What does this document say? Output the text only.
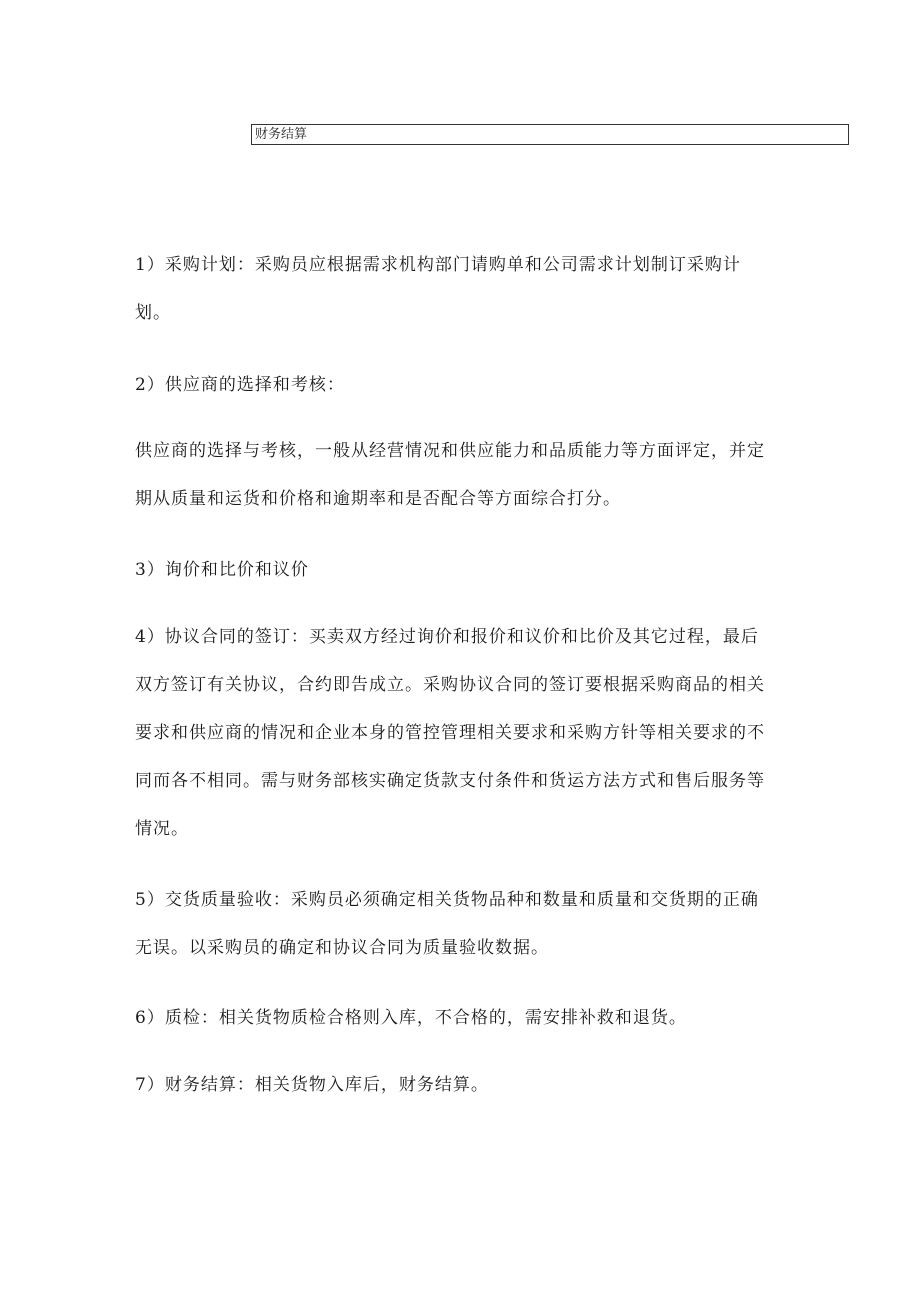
财务结算
1）采购计划：采购员应根据需求机构部门请购单和公司需求计划制订采购计
划。
2）供应商的选择和考核：
供应商的选择与考核，一般从经营情况和供应能力和品质能力等方面评定，并定
期从质量和运货和价格和逾期率和是否配合等方面综合打分。
3）询价和比价和议价
4）协议合同的签订：买卖双方经过询价和报价和议价和比价及其它过程，最后
双方签订有关协议，合约即告成立。采购协议合同的签订要根据采购商品的相关
要求和供应商的情况和企业本身的管控管理相关要求和采购方针等相关要求的不
同而各不相同。需与财务部核实确定货款支付条件和货运方法方式和售后服务等
情况。
5）交货质量验收：采购员必须确定相关货物品种和数量和质量和交货期的正确
无误。以采购员的确定和协议合同为质量验收数据。
6）质检：相关货物质检合格则入库，不合格的，需安排补救和退货。
7）财务结算：相关货物入库后，财务结算。
